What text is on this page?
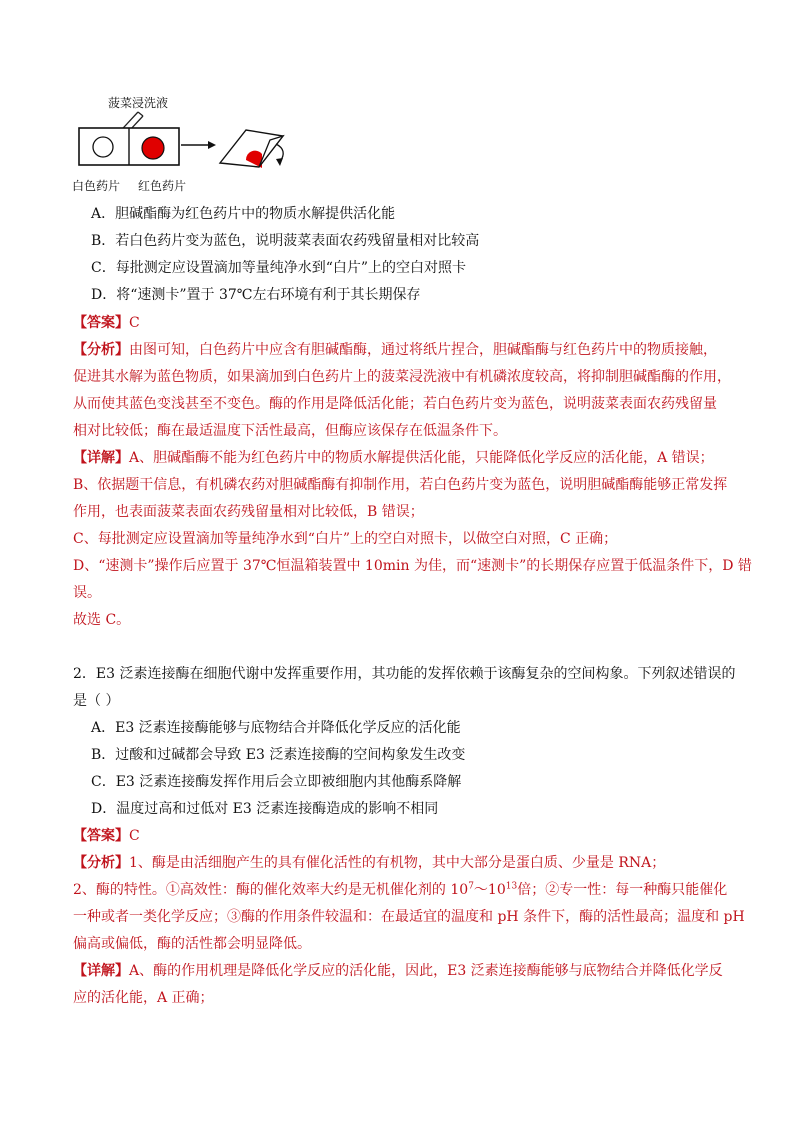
菠菜浸洗液
白色药片 红色药片
A．胆碱酯酶为红色药片中的物质水解提供活化能
B．若白色药片变为蓝色，说明菠菜表面农药残留量相对比较高
C．每批测定应设置滴加等量纯净水到“白片”上的空白对照卡
D．将“速测卡”置于 37℃左右环境有利于其长期保存
【答案】C
【分析】由图可知，白色药片中应含有胆碱酯酶，通过将纸片捏合，胆碱酯酶与红色药片中的物质接触，
促进其水解为蓝色物质，如果滴加到白色药片上的菠菜浸洗液中有机磷浓度较高，将抑制胆碱酯酶的作用，
从而使其蓝色变浅甚至不变色。酶的作用是降低活化能；若白色药片变为蓝色，说明菠菜表面农药残留量
相对比较低；酶在最适温度下活性最高，但酶应该保存在低温条件下。
【详解】A、胆碱酯酶不能为红色药片中的物质水解提供活化能，只能降低化学反应的活化能，A 错误；
B、依据题干信息，有机磷农药对胆碱酯酶有抑制作用，若白色药片变为蓝色，说明胆碱酯酶能够正常发挥
作用，也表面菠菜表面农药残留量相对比较低，B 错误；
C、每批测定应设置滴加等量纯净水到“白片”上的空白对照卡，以做空白对照，C 正确；
D、“速测卡”操作后应置于 37℃恒温箱装置中 10min 为佳，而“速测卡”的长期保存应置于低温条件下，D 错
误。
故选 C。
2．E3 泛素连接酶在细胞代谢中发挥重要作用，其功能的发挥依赖于该酶复杂的空间构象。下列叙述错误的
是（ ）
A．E3 泛素连接酶能够与底物结合并降低化学反应的活化能
B．过酸和过碱都会导致 E3 泛素连接酶的空间构象发生改变
C．E3 泛素连接酶发挥作用后会立即被细胞内其他酶系降解
D．温度过高和过低对 E3 泛素连接酶造成的影响不相同
【答案】C
【分析】1、酶是由活细胞产生的具有催化活性的有机物，其中大部分是蛋白质、少量是 RNA；
2、酶的特性。①高效性：酶的催化效率大约是无机催化剂的 $10^7\sim 10^{13}$倍；②专一性：每一种酶只能催化
一种或者一类化学反应；③酶的作用条件较温和：在最适宜的温度和 pH 条件下，酶的活性最高；温度和 pH
偏高或偏低，酶的活性都会明显降低。
【详解】A、酶的作用机理是降低化学反应的活化能，因此，E3 泛素连接酶能够与底物结合并降低化学反
应的活化能，A 正确；
